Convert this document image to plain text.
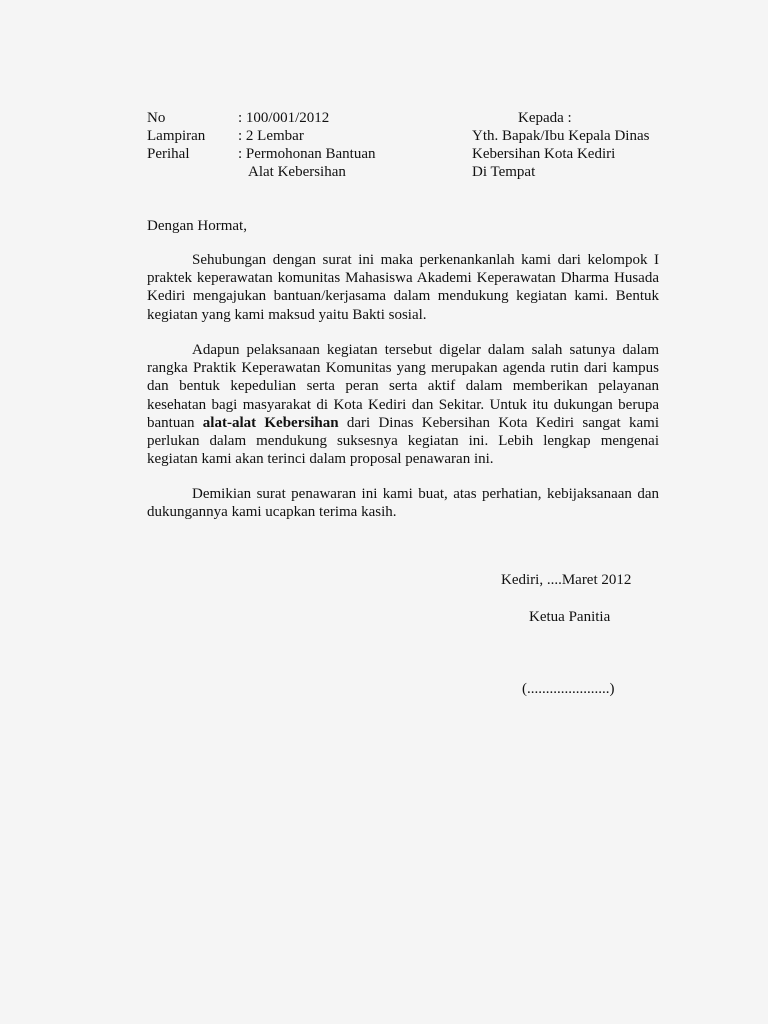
No	: 100/001/2012
Lampiran : 2 Lembar
Perihal	: Permohonan Bantuan
Alat Kebersihan
Kepada :
Yth. Bapak/Ibu Kepala Dinas
Kebersihan Kota Kediri
Di Tempat
Dengan Hormat,
Sehubungan dengan surat ini maka perkenankanlah kami dari kelompok I praktek keperawatan komunitas Mahasiswa Akademi Keperawatan Dharma Husada Kediri mengajukan bantuan/kerjasama dalam mendukung kegiatan kami. Bentuk kegiatan yang kami maksud yaitu Bakti sosial.
Adapun pelaksanaan kegiatan tersebut digelar dalam salah satunya dalam rangka Praktik Keperawatan Komunitas yang merupakan agenda rutin dari kampus dan bentuk kepedulian serta peran serta aktif dalam memberikan pelayanan kesehatan bagi masyarakat di Kota Kediri dan Sekitar. Untuk itu dukungan berupa bantuan alat-alat Kebersihan dari Dinas Kebersihan Kota Kediri sangat kami perlukan dalam mendukung suksesnya kegiatan ini. Lebih lengkap mengenai kegiatan kami akan terinci dalam proposal penawaran ini.
Demikian surat penawaran ini kami buat, atas perhatian, kebijaksanaan dan dukungannya kami ucapkan terima kasih.
Kediri, ....Maret 2012
Ketua Panitia
(......................)
